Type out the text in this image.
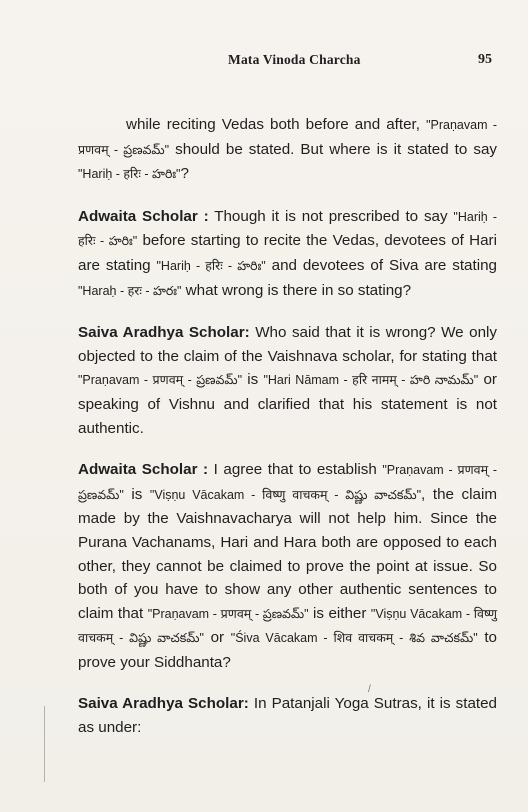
Mata Vinoda Charcha	95

while reciting Vedas both before and after, "Praṇavam - प्रणवम् - ప్రణవమ్" should be stated. But where is it stated to say "Hariḥ - हरिः - హరిః"?

Adwaita Scholar : Though it is not prescribed to say "Hariḥ - हरिः - హరిః" before starting to recite the Vedas, devotees of Hari are stating "Hariḥ - हरिः - హరిః" and devotees of Siva are stating "Haraḥ - हरः - హరః" what wrong is there in so stating?

Saiva Aradhya Scholar: Who said that it is wrong? We only objected to the claim of the Vaishnava scholar, for stating that "Praṇavam - प्रणवम् - ప్రణవమ్" is "Hari Nāmam - हरि नामम् - హరి నామమ్" or speaking of Vishnu and clarified that his statement is not authentic.

Adwaita Scholar : I agree that to establish "Praṇavam - प्रणवम् - ప్రణవమ్" is "Viṣṇu Vācakam - विष्णु वाचकम् - విష్ణు వాచకమ్", the claim made by the Vaishnavacharya will not help him. Since the Purana Vachanams, Hari and Hara both are opposed to each other, they cannot be claimed to prove the point at issue. So both of you have to show any other authentic sentences to claim that "Praṇavam - प्रणवम् - ప్రణవమ్" is either "Viṣṇu Vācakam - विष्णु वाचकम् - విష్ణు వాచకమ్" or "Śiva Vācakam - शिव वाचकम् - శివ వాచకమ్" to prove your Siddhanta?

Saiva Aradhya Scholar: In Patanjali Yoga Sutras, it is stated as under:

/
